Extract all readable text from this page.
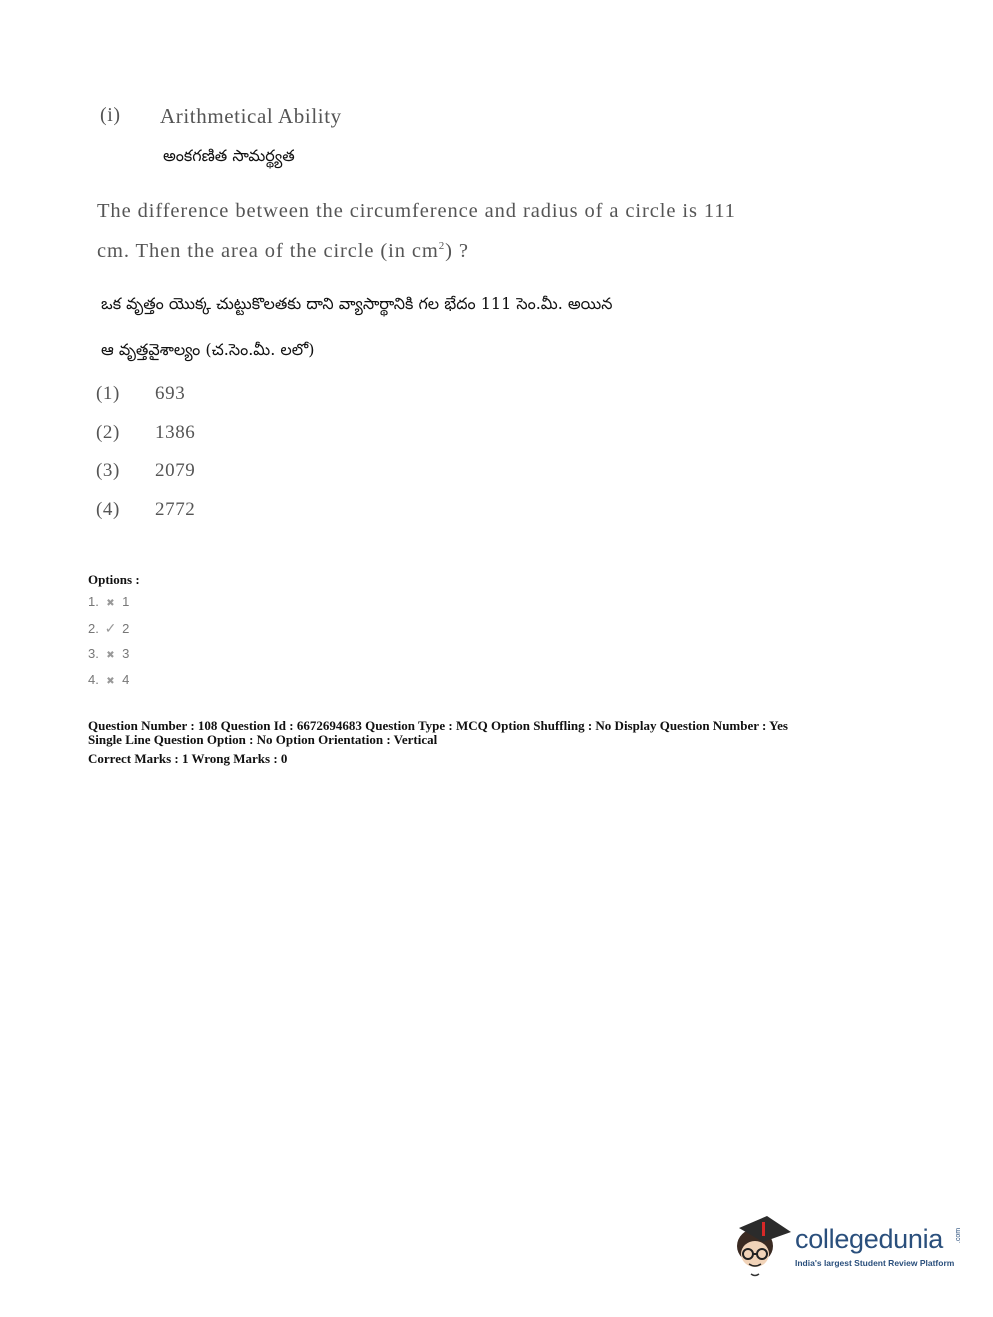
(i) Arithmetical Ability
అంకగణిత సామర్థ్యత
The difference between the circumference and radius of a circle is 111
cm. Then the area of the circle (in $cm^2$) ?
ఒక వృత్తం యొక్క చుట్టుకొలతకు దాని వ్యాసార్థానికి గల భేదం 111 సెం.మీ. అయిన
ఆ వృత్తవైశాల్యం (చ.సెం.మీ. లలో)
(1) 693
(2) 1386
(3) 2079
(4) 2772
Options :
1. ✖ 1
2. ✓ 2
3. ✖ 3
4. ✖ 4
Question Number : 108 Question Id : 6672694683 Question Type : MCQ Option Shuffling : No Display Question Number : Yes
Single Line Question Option : No Option Orientation : Vertical
Correct Marks : 1 Wrong Marks : 0
collegedunia .com
India's largest Student Review Platform
